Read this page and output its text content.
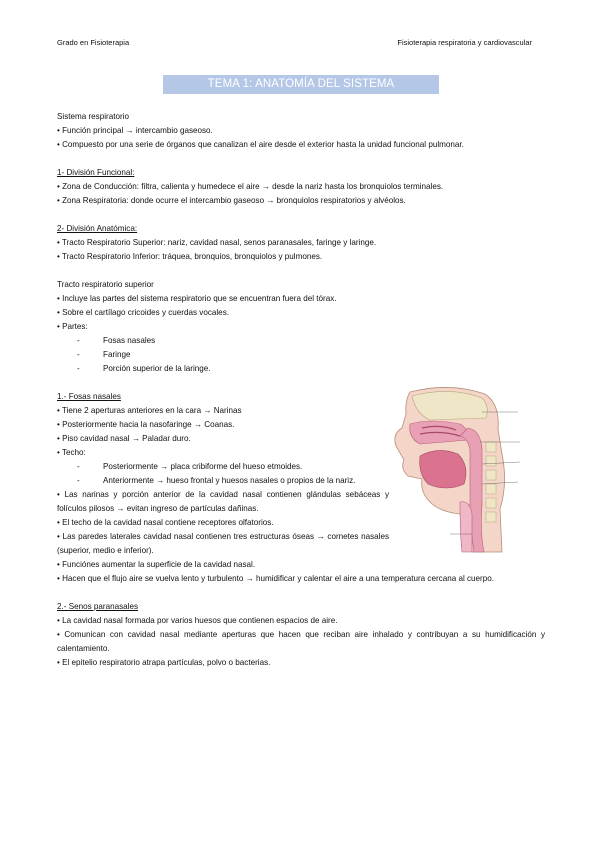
Grado en Fisioterapia	Fisioterapia respiratoria y cardiovascular
TEMA 1: ANATOMÍA DEL SISTEMA RESPIRATORIO
Sistema respiratorio
• Función principal → intercambio gaseoso.
• Compuesto por una serie de órganos que canalizan el aire desde el exterior hasta la unidad funcional pulmonar.
1- División Funcional:
• Zona de Conducción: filtra, calienta y humedece el aire → desde la nariz hasta los bronquiolos terminales.
• Zona Respiratoria: donde ocurre el intercambio gaseoso → bronquiolos respiratorios y alvéolos.
2- División Anatómica:
• Tracto Respiratorio Superior: nariz, cavidad nasal, senos paranasales, faringe y laringe.
• Tracto Respiratorio Inferior: tráquea, bronquios, bronquiolos y pulmones.
Tracto respiratorio superior
• Incluye las partes del sistema respiratorio que se encuentran fuera del tórax.
• Sobre el cartílago cricoides y cuerdas vocales.
• Partes:
-	Fosas nasales
-	Faringe
-	Porción superior de la laringe.
1.- Fosas nasales
• Tiene 2 aperturas anteriores en la cara → Narinas
• Posteriormente hacia la nasofaringe → Coanas.
• Piso cavidad nasal → Paladar duro.
• Techo:
-	Posteriormente → placa cribiforme del hueso etmoides.
-	Anteriormente → hueso frontal y huesos nasales o propios de la nariz.
• Las narinas y porción anterior de la cavidad nasal contienen glándulas sebáceas y folículos pilosos → evitan ingreso de partículas dañinas.
• El techo de la cavidad nasal contiene receptores olfatorios.
• Las paredes laterales cavidad nasal contienen tres estructuras óseas → cornetes nasales (superior, medio e inferior).
• Funciónes aumentar la superficie de la cavidad nasal.
• Hacen que el flujo aire se vuelva lento y turbulento → humidificar y calentar el aire a una temperatura cercana al cuerpo.
2.- Senos paranasales
• La cavidad nasal formada por varios huesos que contienen espacios de aire.
• Comunican con cavidad nasal mediante aperturas que hacen que reciban aire inhalado y contribuyan a su humidificación y calentamiento.
• El epitelio respiratorio atrapa partículas, polvo o bacterias.
